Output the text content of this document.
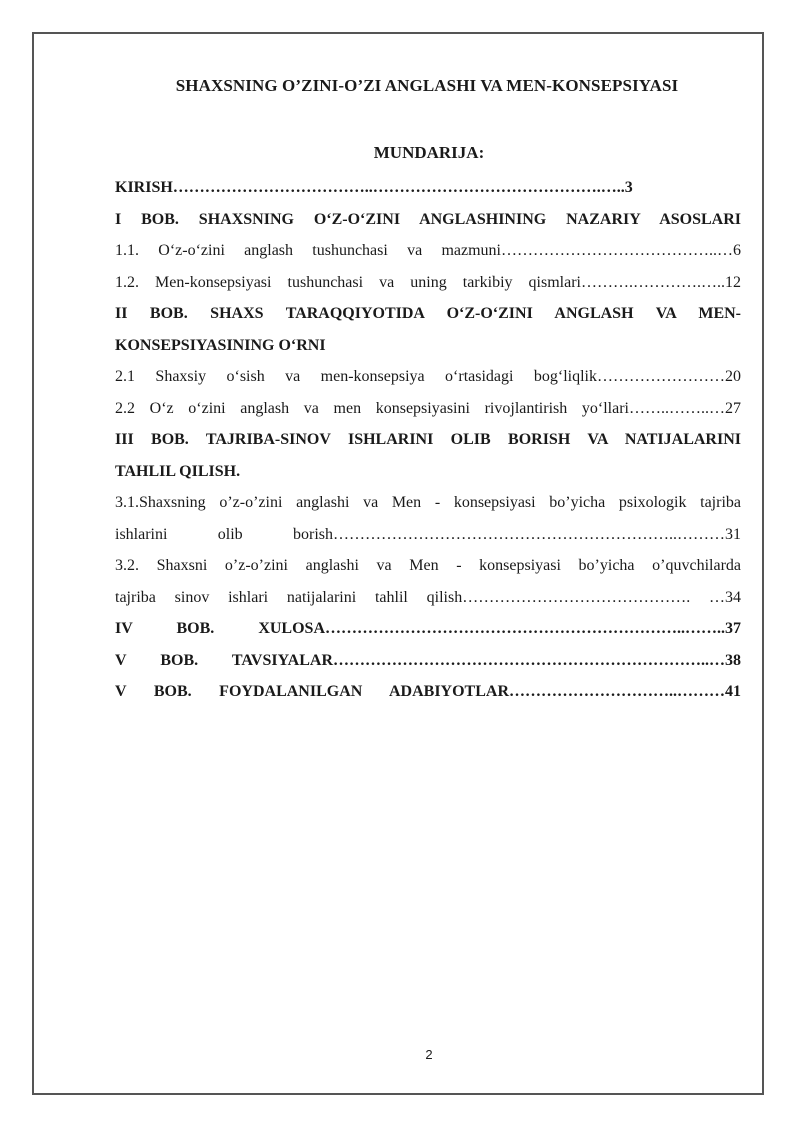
SHAXSNING O’ZINI-O’ZI ANGLASHI VA MEN-KONSEPSIYASI
MUNDARIJA:
KIRISH………………………………..…………………………………….…..3
I BOB. SHAXSNING O‘Z-O‘ZINI ANGLASHINING NAZARIY ASOSLARI
1.1. O‘z-o‘zini anglash tushunchasi va mazmuni…………………………………..…6
1.2. Men-konsepsiyasi tushunchasi va uning tarkibiy qismlari……….………….…..12
II BOB. SHAXS TARAQQIYOTIDA O‘Z-O‘ZINI ANGLASH VA MEN-
KONSEPSIYASINING O‘RNI
2.1 Shaxsiy o‘sish va men-konsepsiya o‘rtasidagi bog‘liqlik……………………20
2.2 O‘z o‘zini anglash va men konsepsiyasini rivojlantirish yo‘llari……..……..…27
III BOB. TAJRIBA-SINOV ISHLARINI OLIB BORISH VA NATIJALARINI
TAHLIL QILISH.
3.1.Shaxsning o’z-o’zini anglashi va Men - konsepsiyasi bo’yicha psixologik tajriba
ishlarini olib borish………………………………………………………..………31
3.2. Shaxsni o’z-o’zini anglashi va Men - konsepsiyasi bo’yicha o’quvchilarda
tajriba sinov ishlari natijalarini tahlil qilish……………………………………. …34
IV BOB. XULOSA…………………………………………………………..……..37
V BOB. TAVSIYALAR……………………………………………………………..…38
V BOB. FOYDALANILGAN ADABIYOTLAR…………………………..………41
2
